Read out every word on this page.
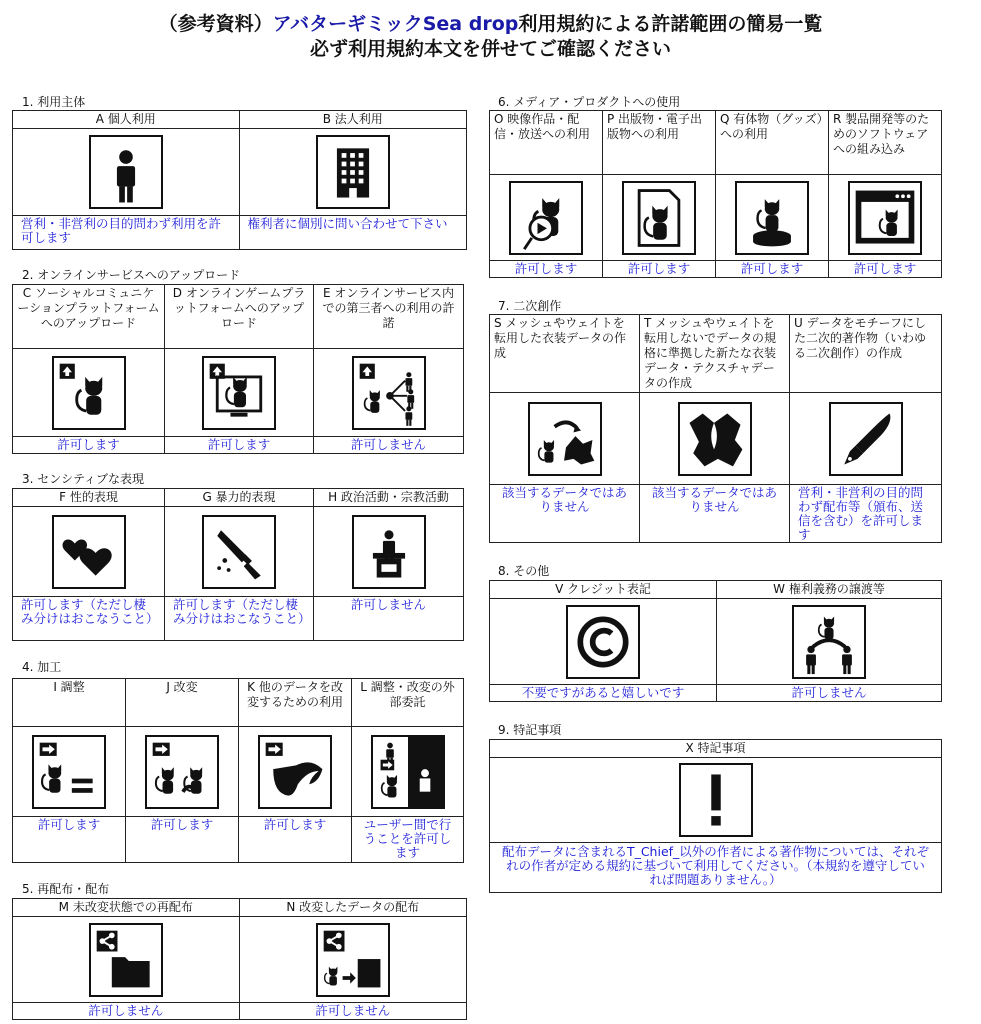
（参考資料）アバターギミックSea drop利用規約による許諾範囲の簡易一覧
必ず利用規約本文を併せてご確認ください
1. 利用主体
A 個人利用
営利・非営利の目的問わず利用を許可します
B 法人利用
権利者に個別に問い合わせて下さい
2. オンラインサービスへのアップロード
C ソーシャルコミュニケーションプラットフォームへのアップロード
許可します
D オンラインゲームプラットフォームへのアップロード
許可します
E オンラインサービス内での第三者への利用の許諾
許可しません
3. センシティブな表現
F 性的表現
許可します（ただし棲み分けはおこなうこと）
G 暴力的表現
許可します（ただし棲み分けはおこなうこと）
H 政治活動・宗教活動
許可しません
4. 加工
I 調整
許可します
J 改変
許可します
K 他のデータを改変するための利用
許可します
L 調整・改変の外部委託
ユーザー間で行うことを許可します
5. 再配布・配布
M 未改変状態での再配布
許可しません
N 改変したデータの配布
許可しません
6. メディア・プロダクトへの使用
O 映像作品・配信・放送への利用
許可します
P 出版物・電子出版物への利用
許可します
Q 有体物（グッズ）への利用
許可します
R 製品開発等のためのソフトウェアへの組み込み
許可します
7. 二次創作
S メッシュやウェイトを転用した衣装データの作成
該当するデータではありません
T メッシュやウェイトを転用しないでデータの規格に準拠した新たな衣装データ・テクスチャデータの作成
該当するデータではありません
U データをモチーフにした二次的著作物（いわゆる二次創作）の作成
営利・非営利の目的問わず配布等（頒布、送信を含む）を許可します
8. その他
V クレジット表記
不要ですがあると嬉しいです
W 権利義務の譲渡等
許可しません
9. 特記事項
X 特記事項
配布データに含まれるT_Chief_以外の作者による著作物については、それぞれの作者が定める規約に基づいて利用してください。（本規約を遵守していれば問題ありません。）
